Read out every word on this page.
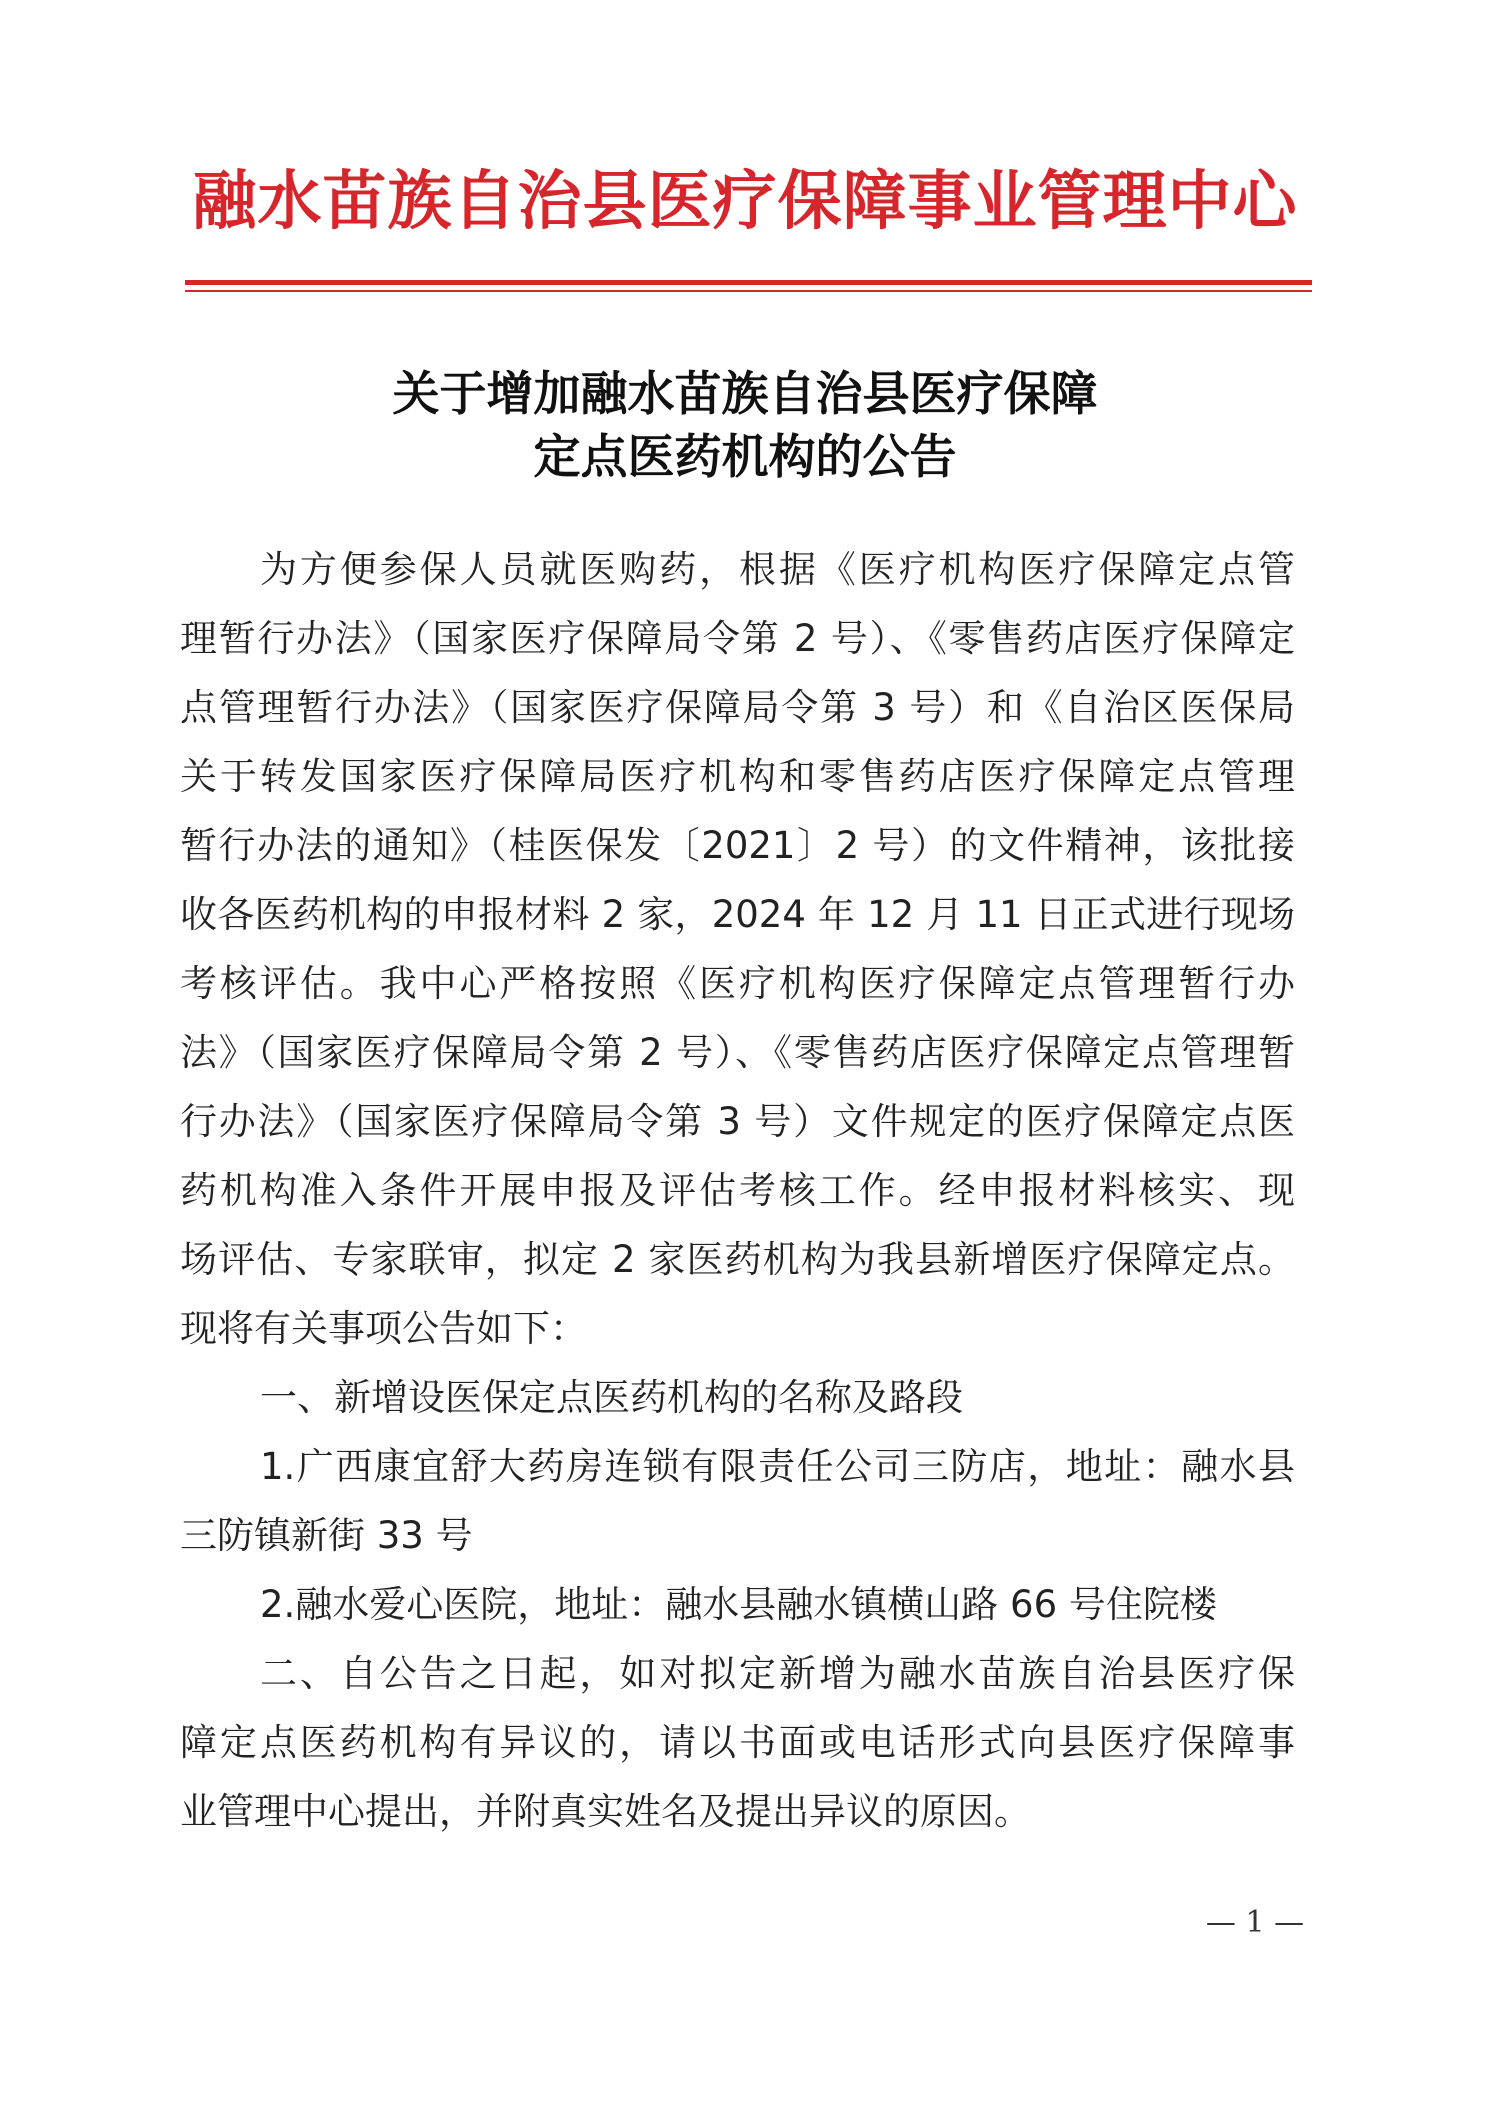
融水苗族自治县医疗保障事业管理中心
关于增加融水苗族自治县医疗保障
定点医药机构的公告
为方便参保人员就医购药，根据《医疗机构医疗保障定点管
理暂行办法》（国家医疗保障局令第 2 号）、《零售药店医疗保障定
点管理暂行办法》（国家医疗保障局令第 3 号）和《自治区医保局
关于转发国家医疗保障局医疗机构和零售药店医疗保障定点管理
暂行办法的通知》（桂医保发〔2021〕2 号）的文件精神，该批接
收各医药机构的申报材料 2 家，2024 年 12 月 11 日正式进行现场
考核评估。我中心严格按照《医疗机构医疗保障定点管理暂行办
法》（国家医疗保障局令第 2 号）、《零售药店医疗保障定点管理暂
行办法》（国家医疗保障局令第 3 号）文件规定的医疗保障定点医
药机构准入条件开展申报及评估考核工作。经申报材料核实、现
场评估、专家联审，拟定 2 家医药机构为我县新增医疗保障定点。
现将有关事项公告如下：
一、新增设医保定点医药机构的名称及路段
1.广西康宜舒大药房连锁有限责任公司三防店，地址：融水县
三防镇新街 33 号
2.融水爱心医院，地址：融水县融水镇横山路 66 号住院楼
二、自公告之日起，如对拟定新增为融水苗族自治县医疗保
障定点医药机构有异议的，请以书面或电话形式向县医疗保障事
业管理中心提出，并附真实姓名及提出异议的原因。
— 1 —
